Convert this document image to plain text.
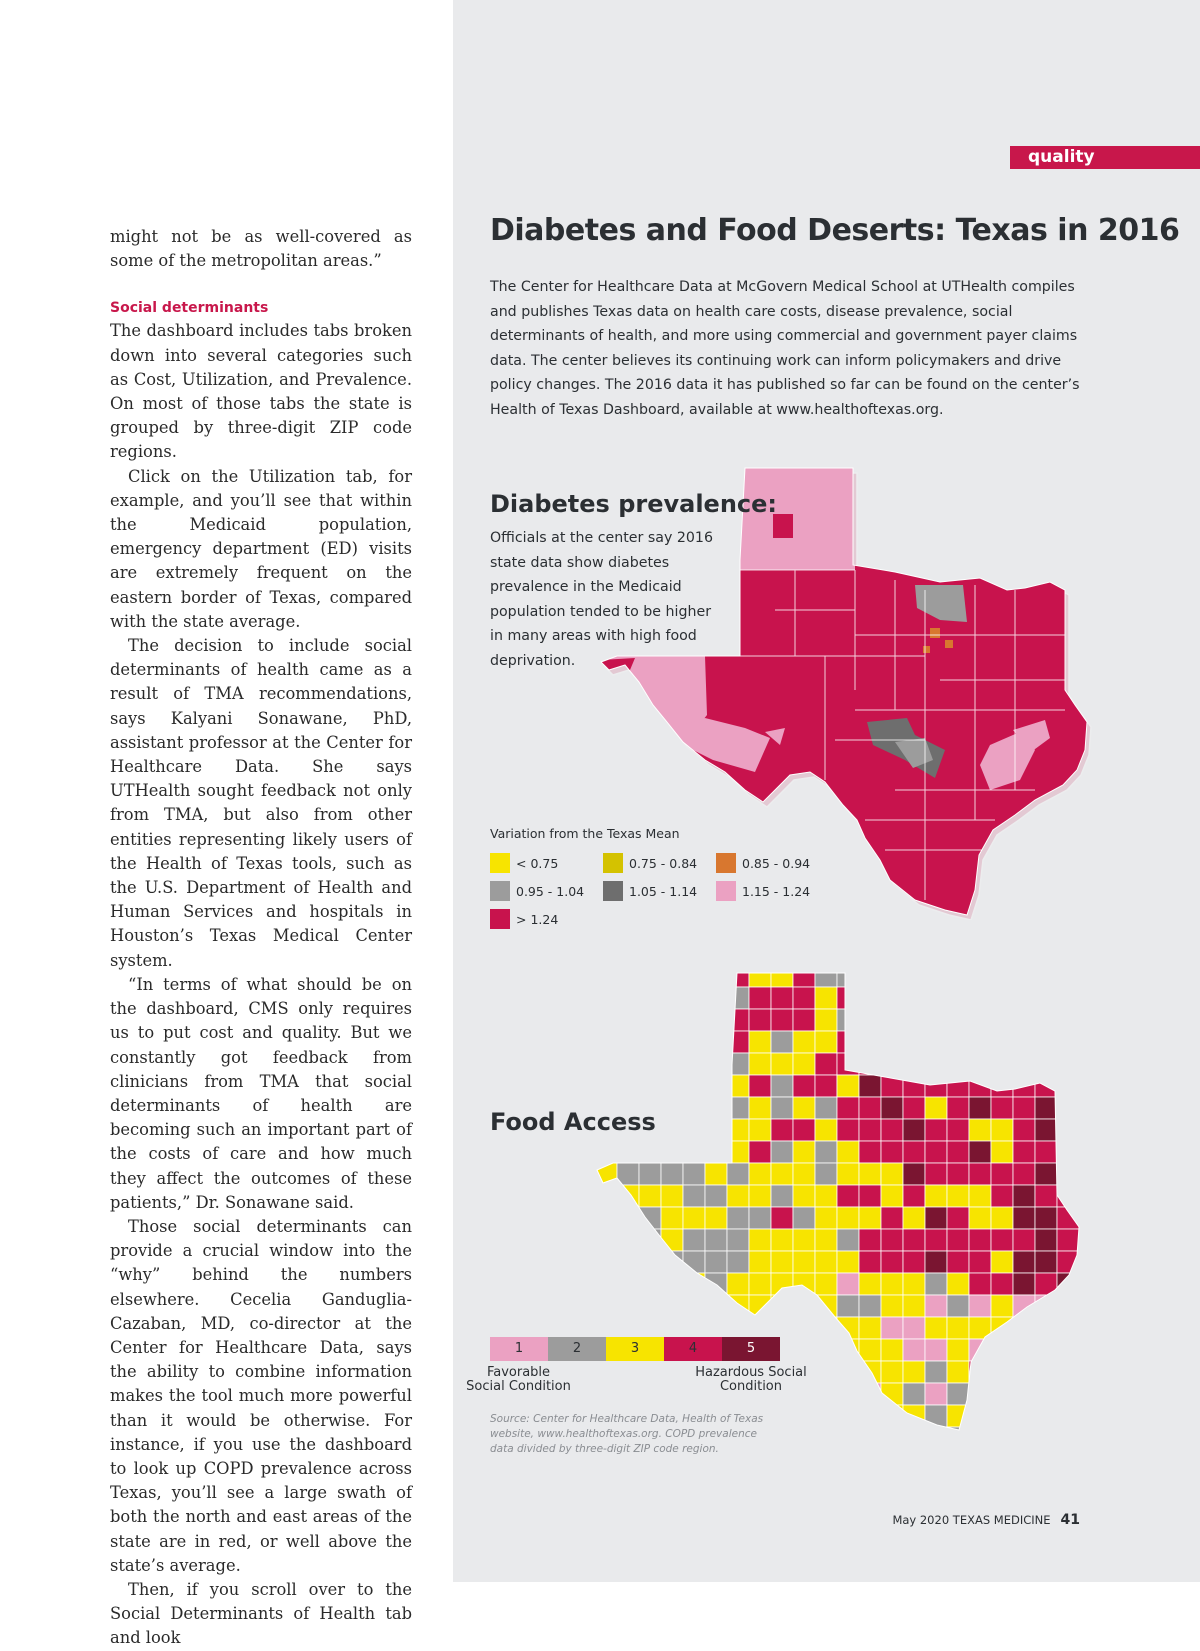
quality

might not be as well-covered as some of the metropolitan areas.”

Social determinants

The dashboard includes tabs broken down into several categories such as Cost, Utilization, and Prevalence. On most of those tabs the state is grouped by three-digit ZIP code regions.

Click on the Utilization tab, for example, and you’ll see that within the Medicaid population, emergency department (ED) visits are extremely frequent on the eastern border of Texas, compared with the state average.

The decision to include social determinants of health came as a result of TMA recommendations, says Kalyani Sonawane, PhD, assistant professor at the Center for Healthcare Data. She says UTHealth sought feedback not only from TMA, but also from other entities representing likely users of the Health of Texas tools, such as the U.S. Department of Health and Human Services and hospitals in Houston’s Texas Medical Center system.

“In terms of what should be on the dashboard, CMS only requires us to put cost and quality. But we constantly got feedback from clinicians from TMA that social determinants of health are becoming such an important part of the costs of care and how much they affect the outcomes of these patients,” Dr. Sonawane said.

Those social determinants can provide a crucial window into the “why” behind the numbers elsewhere. Cecelia Ganduglia-Cazaban, MD, co-director at the Center for Healthcare Data, says the ability to combine information makes the tool much more powerful than it would be otherwise. For instance, if you use the dashboard to look up COPD prevalence across Texas, you’ll see a large swath of both the north and east areas of the state are in red, or well above the state’s average.

Then, if you scroll over to the Social Determinants of Health tab and look

Diabetes and Food Deserts: Texas in 2016

The Center for Healthcare Data at McGovern Medical School at UTHealth compiles and publishes Texas data on health care costs, disease prevalence, social determinants of health, and more using commercial and government payer claims data. The center believes its continuing work can inform policymakers and drive policy changes. The 2016 data it has published so far can be found on the center’s Health of Texas Dashboard, available at www.healthoftexas.org.

Diabetes prevalence:

Officials at the center say 2016 state data show diabetes prevalence in the Medicaid population tended to be higher in many areas with high food deprivation.

Variation from the Texas Mean
< 0.75	0.75 - 0.84	0.85 - 0.94
0.95 - 1.04	1.05 - 1.14	1.15 - 1.24
> 1.24
Food Access
1	2	3	4	5
Favorable Social Condition
Hazardous Social Condition

Source: Center for Healthcare Data, Health of Texas website, www.healthoftexas.org. COPD prevalence data divided by three-digit ZIP code region.

May 2020 TEXAS MEDICINE 41
